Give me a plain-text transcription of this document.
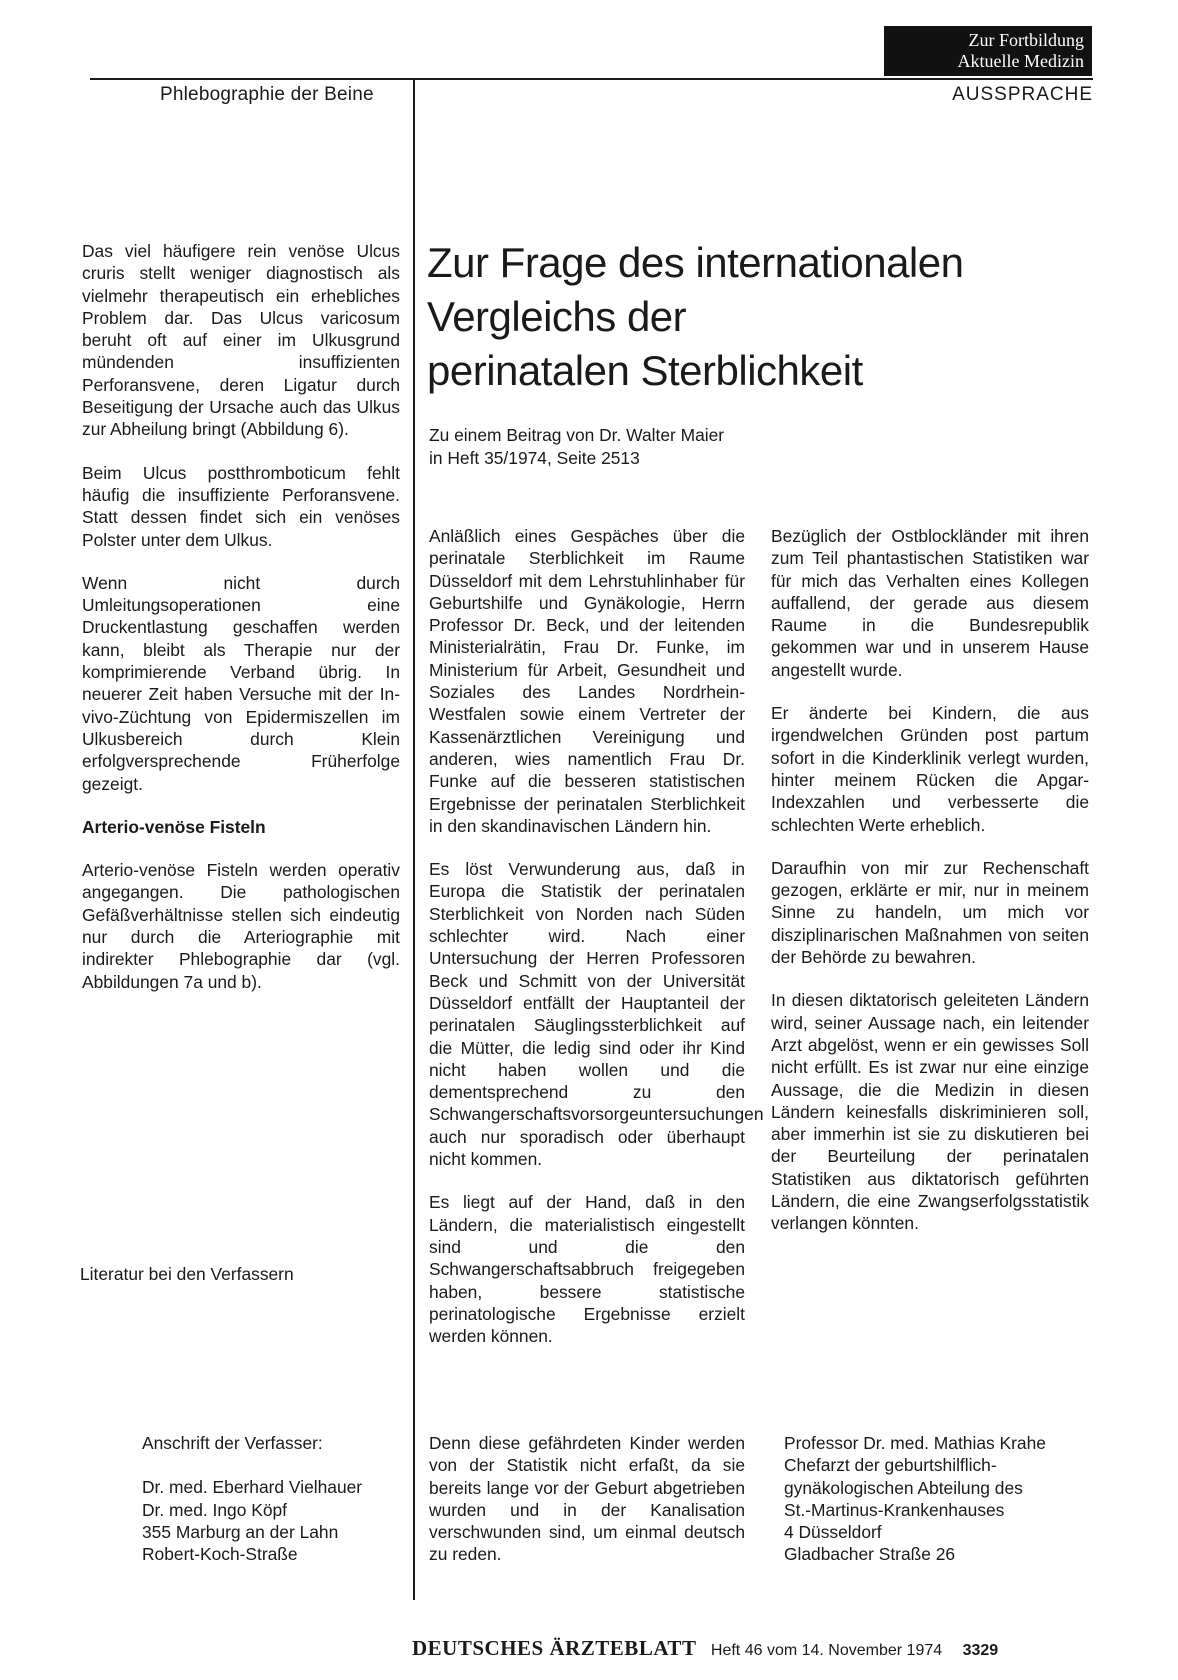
Zur Fortbildung
Aktuelle Medizin
Phlebographie der Beine	AUSSPRACHE

Das viel häufigere rein venöse Ulcus cruris stellt weniger diagnostisch als vielmehr therapeutisch ein erhebliches Problem dar. Das Ulcus varicosum beruht oft auf einer im Ulkusgrund mündenden insuffizienten Perforansvene, deren Ligatur durch Beseitigung der Ursache auch das Ulkus zur Abheilung bringt (Abbildung 6).

Beim Ulcus postthromboticum fehlt häufig die insuffiziente Perforansvene. Statt dessen findet sich ein venöses Polster unter dem Ulkus.

Wenn nicht durch Umleitungsoperationen eine Druckentlastung geschaffen werden kann, bleibt als Therapie nur der komprimierende Verband übrig. In neuerer Zeit haben Versuche mit der In-vivo-Züchtung von Epidermiszellen im Ulkusbereich durch Klein erfolgversprechende Früherfolge gezeigt.

Arterio-venöse Fisteln

Arterio-venöse Fisteln werden operativ angegangen. Die pathologischen Gefäßverhältnisse stellen sich eindeutig nur durch die Arteriographie mit indirekter Phlebographie dar (vgl. Abbildungen 7a und b).

Literatur bei den Verfassern
Anschrift der Verfasser:
Dr. med. Eberhard Vielhauer
Dr. med. Ingo Köpf
355 Marburg an der Lahn
Robert-Koch-Straße
Zur Frage des internationalen
Vergleichs der
perinatalen Sterblichkeit
Zu einem Beitrag von Dr. Walter Maier
in Heft 35/1974, Seite 2513

Anläßlich eines Gespäches über die perinatale Sterblichkeit im Raume Düsseldorf mit dem Lehrstuhlinhaber für Geburtshilfe und Gynäkologie, Herrn Professor Dr. Beck, und der leitenden Ministerialrätin, Frau Dr. Funke, im Ministerium für Arbeit, Gesundheit und Soziales des Landes Nordrhein-Westfalen sowie einem Vertreter der Kassenärztlichen Vereinigung und anderen, wies namentlich Frau Dr. Funke auf die besseren statistischen Ergebnisse der perinatalen Sterblichkeit in den skandinavischen Ländern hin.

Es löst Verwunderung aus, daß in Europa die Statistik der perinatalen Sterblichkeit von Norden nach Süden schlechter wird. Nach einer Untersuchung der Herren Professoren Beck und Schmitt von der Universität Düsseldorf entfällt der Hauptanteil der perinatalen Säuglingssterblichkeit auf die Mütter, die ledig sind oder ihr Kind nicht haben wollen und die dementsprechend zu den Schwangerschaftsvorsorgeuntersuchungen auch nur sporadisch oder überhaupt nicht kommen.

Es liegt auf der Hand, daß in den Ländern, die materialistisch eingestellt sind und die den Schwangerschaftsabbruch freigegeben haben, bessere statistische perinatologische Ergebnisse erzielt werden können.

Denn diese gefährdeten Kinder werden von der Statistik nicht erfaßt, da sie bereits lange vor der Geburt abgetrieben wurden und in der Kanalisation verschwunden sind, um einmal deutsch zu reden.

Bezüglich der Ostblockländer mit ihren zum Teil phantastischen Statistiken war für mich das Verhalten eines Kollegen auffallend, der gerade aus diesem Raume in die Bundesrepublik gekommen war und in unserem Hause angestellt wurde.

Er änderte bei Kindern, die aus irgendwelchen Gründen post partum sofort in die Kinderklinik verlegt wurden, hinter meinem Rücken die Apgar-Indexzahlen und verbesserte die schlechten Werte erheblich.

Daraufhin von mir zur Rechenschaft gezogen, erklärte er mir, nur in meinem Sinne zu handeln, um mich vor disziplinarischen Maßnahmen von seiten der Behörde zu bewahren.

In diesen diktatorisch geleiteten Ländern wird, seiner Aussage nach, ein leitender Arzt abgelöst, wenn er ein gewisses Soll nicht erfüllt. Es ist zwar nur eine einzige Aussage, die die Medizin in diesen Ländern keinesfalls diskriminieren soll, aber immerhin ist sie zu diskutieren bei der Beurteilung der perinatalen Statistiken aus diktatorisch geführten Ländern, die eine Zwangserfolgsstatistik verlangen könnten.

Professor Dr. med. Mathias Krahe
Chefarzt der geburtshilflich-
gynäkologischen Abteilung des
St.-Martinus-Krankenhauses
4 Düsseldorf
Gladbacher Straße 26
DEUTSCHES ÄRZTEBLATT Heft 46 vom 14. November 1974 3329
